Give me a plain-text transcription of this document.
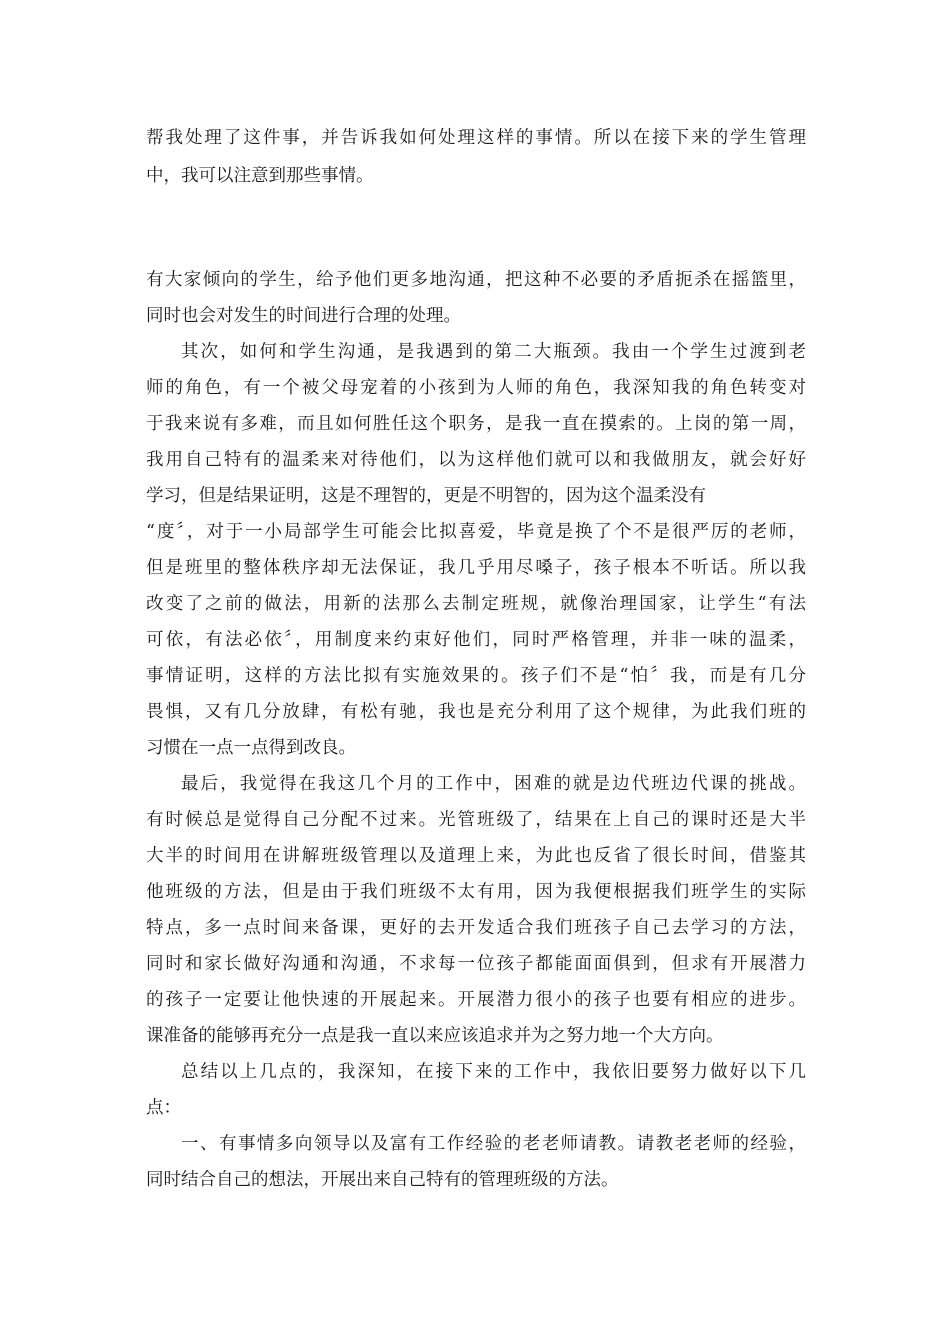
帮我处理了这件事，并告诉我如何处理这样的事情。所以在接下来的学生管理
中，我可以注意到那些事情。
有大家倾向的学生，给予他们更多地沟通，把这种不必要的矛盾扼杀在摇篮里，
同时也会对发生的时间进行合理的处理。
其次，如何和学生沟通，是我遇到的第二大瓶颈。我由一个学生过渡到老
师的角色，有一个被父母宠着的小孩到为人师的角色，我深知我的角色转变对
于我来说有多难，而且如何胜任这个职务，是我一直在摸索的。上岗的第一周，
我用自己特有的温柔来对待他们，以为这样他们就可以和我做朋友，就会好好
学习，但是结果证明，这是不理智的，更是不明智的，因为这个温柔没有
“度〞，对于一小局部学生可能会比拟喜爱，毕竟是换了个不是很严厉的老师，
但是班里的整体秩序却无法保证，我几乎用尽嗓子，孩子根本不听话。所以我
改变了之前的做法，用新的法那么去制定班规，就像治理国家，让学生“有法
可依，有法必依〞，用制度来约束好他们，同时严格管理，并非一味的温柔，
事情证明，这样的方法比拟有实施效果的。孩子们不是“怕〞我，而是有几分
畏惧，又有几分放肆，有松有驰，我也是充分利用了这个规律，为此我们班的
习惯在一点一点得到改良。
最后，我觉得在我这几个月的工作中，困难的就是边代班边代课的挑战。
有时候总是觉得自己分配不过来。光管班级了，结果在上自己的课时还是大半
大半的时间用在讲解班级管理以及道理上来，为此也反省了很长时间，借鉴其
他班级的方法，但是由于我们班级不太有用，因为我便根据我们班学生的实际
特点，多一点时间来备课，更好的去开发适合我们班孩子自己去学习的方法，
同时和家长做好沟通和沟通，不求每一位孩子都能面面俱到，但求有开展潜力
的孩子一定要让他快速的开展起来。开展潜力很小的孩子也要有相应的进步。
课准备的能够再充分一点是我一直以来应该追求并为之努力地一个大方向。
总结以上几点的，我深知，在接下来的工作中，我依旧要努力做好以下几
点：
一、有事情多向领导以及富有工作经验的老老师请教。请教老老师的经验，
同时结合自己的想法，开展出来自己特有的管理班级的方法。
